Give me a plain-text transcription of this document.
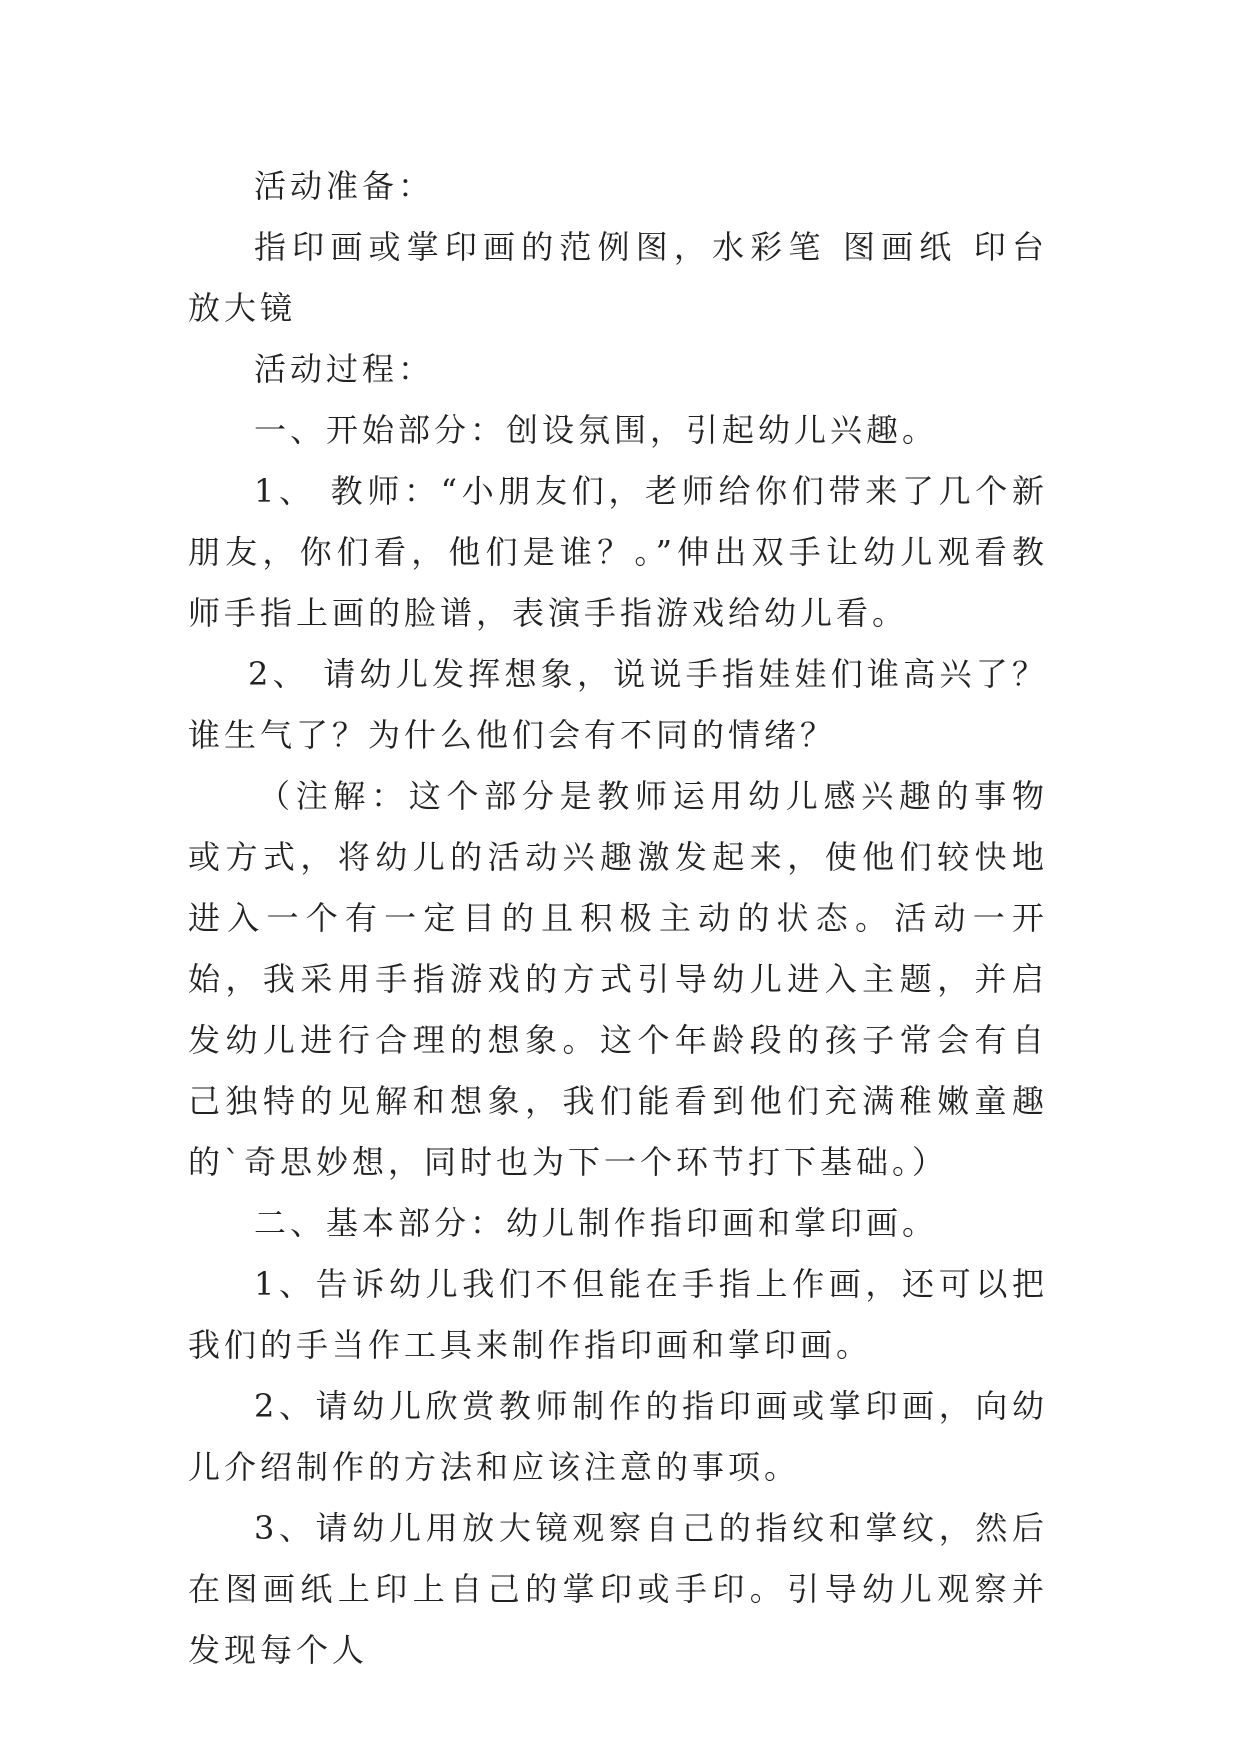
活动准备：

指印画或掌印画的范例图，水彩笔 图画纸 印台 放大镜

活动过程：

一、开始部分：创设氛围，引起幼儿兴趣。

1、 教师：“小朋友们，老师给你们带来了几个新朋友，你们看，他们是谁？。”伸出双手让幼儿观看教师手指上画的脸谱，表演手指游戏给幼儿看。

2、 请幼儿发挥想象，说说手指娃娃们谁高兴了？谁生气了？为什么他们会有不同的情绪？

（注解：这个部分是教师运用幼儿感兴趣的事物或方式，将幼儿的活动兴趣激发起来，使他们较快地进入一个有一定目的且积极主动的状态。活动一开始，我采用手指游戏的方式引导幼儿进入主题，并启发幼儿进行合理的想象。这个年龄段的孩子常会有自己独特的见解和想象，我们能看到他们充满稚嫩童趣的`奇思妙想，同时也为下一个环节打下基础。）

二、基本部分：幼儿制作指印画和掌印画。

1、告诉幼儿我们不但能在手指上作画，还可以把我们的手当作工具来制作指印画和掌印画。

2、请幼儿欣赏教师制作的指印画或掌印画，向幼儿介绍制作的方法和应该注意的事项。

3、请幼儿用放大镜观察自己的指纹和掌纹，然后在图画纸上印上自己的掌印或手印。引导幼儿观察并发现每个人
